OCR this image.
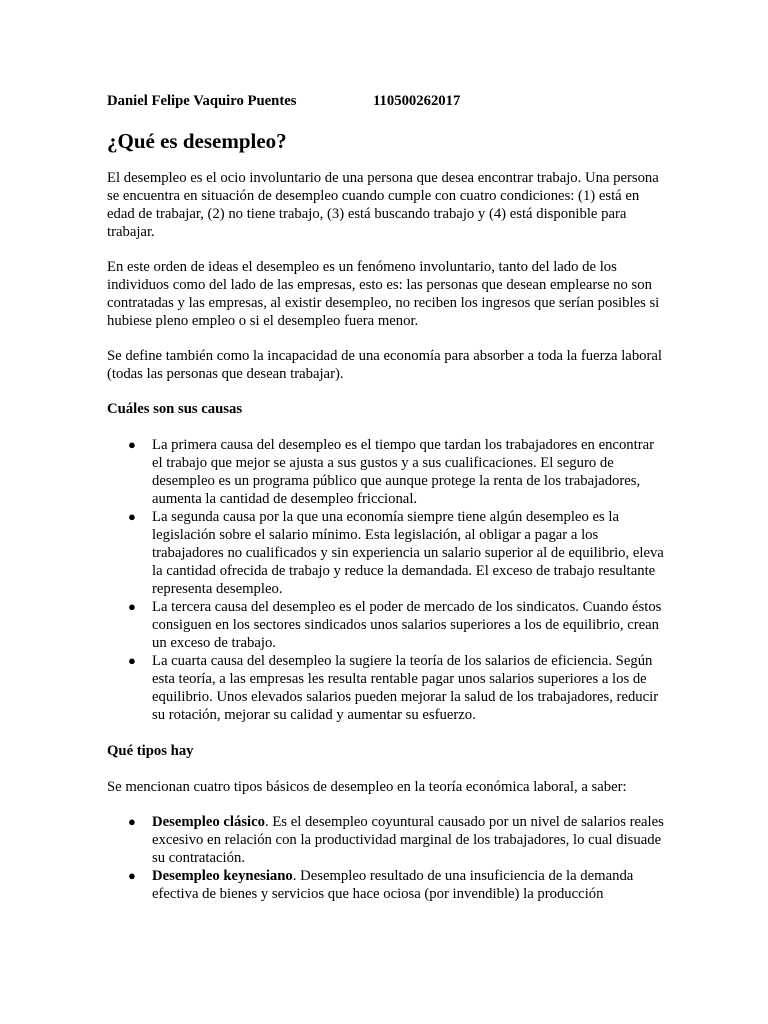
Daniel Felipe Vaquiro Puentes	110500262017
¿Qué es desempleo?

El desempleo es el ocio involuntario de una persona que desea encontrar trabajo. Una persona se encuentra en situación de desempleo cuando cumple con cuatro condiciones: (1) está en edad de trabajar, (2) no tiene trabajo, (3) está buscando trabajo y (4) está disponible para trabajar.

En este orden de ideas el desempleo es un fenómeno involuntario, tanto del lado de los individuos como del lado de las empresas, esto es: las personas que desean emplearse no son contratadas y las empresas, al existir desempleo, no reciben los ingresos que serían posibles si hubiese pleno empleo o si el desempleo fuera menor.

Se define también como la incapacidad de una economía para absorber a toda la fuerza laboral (todas las personas que desean trabajar).

Cuáles son sus causas
● La primera causa del desempleo es el tiempo que tardan los trabajadores en encontrar el trabajo que mejor se ajusta a sus gustos y a sus cualificaciones. El seguro de desempleo es un programa público que aunque protege la renta de los trabajadores, aumenta la cantidad de desempleo friccional.
● La segunda causa por la que una economía siempre tiene algún desempleo es la legislación sobre el salario mínimo. Esta legislación, al obligar a pagar a los trabajadores no cualificados y sin experiencia un salario superior al de equilibrio, eleva la cantidad ofrecida de trabajo y reduce la demandada. El exceso de trabajo resultante representa desempleo.
● La tercera causa del desempleo es el poder de mercado de los sindicatos. Cuando éstos consiguen en los sectores sindicados unos salarios superiores a los de equilibrio, crean un exceso de trabajo.
● La cuarta causa del desempleo la sugiere la teoría de los salarios de eficiencia. Según esta teoría, a las empresas les resulta rentable pagar unos salarios superiores a los de equilibrio. Unos elevados salarios pueden mejorar la salud de los trabajadores, reducir su rotación, mejorar su calidad y aumentar su esfuerzo.
Qué tipos hay

Se mencionan cuatro tipos básicos de desempleo en la teoría económica laboral, a saber:

● Desempleo clásico. Es el desempleo coyuntural causado por un nivel de salarios reales excesivo en relación con la productividad marginal de los trabajadores, lo cual disuade su contratación.
● Desempleo keynesiano. Desempleo resultado de una insuficiencia de la demanda efectiva de bienes y servicios que hace ociosa (por invendible) la producción
